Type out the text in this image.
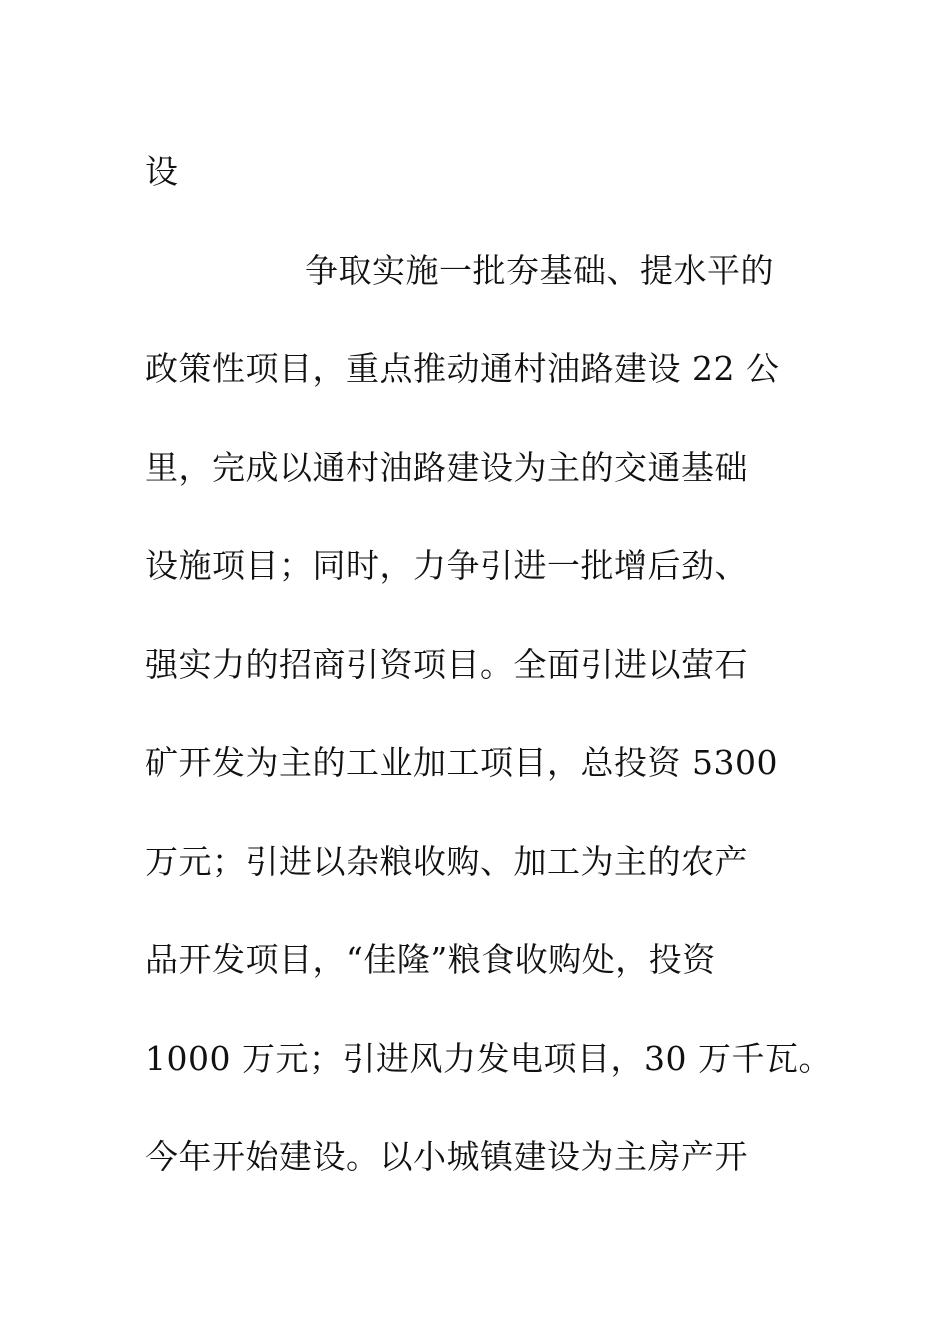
设
争取实施一批夯基础、提水平的
政策性项目，重点推动通村油路建设 22 公
里，完成以通村油路建设为主的交通基础
设施项目；同时，力争引进一批增后劲、
强实力的招商引资项目。全面引进以萤石
矿开发为主的工业加工项目，总投资 5300
万元；引进以杂粮收购、加工为主的农产
品开发项目，“佳隆”粮食收购处，投资
1000 万元；引进风力发电项目，30 万千瓦。
今年开始建设。以小城镇建设为主房产开
